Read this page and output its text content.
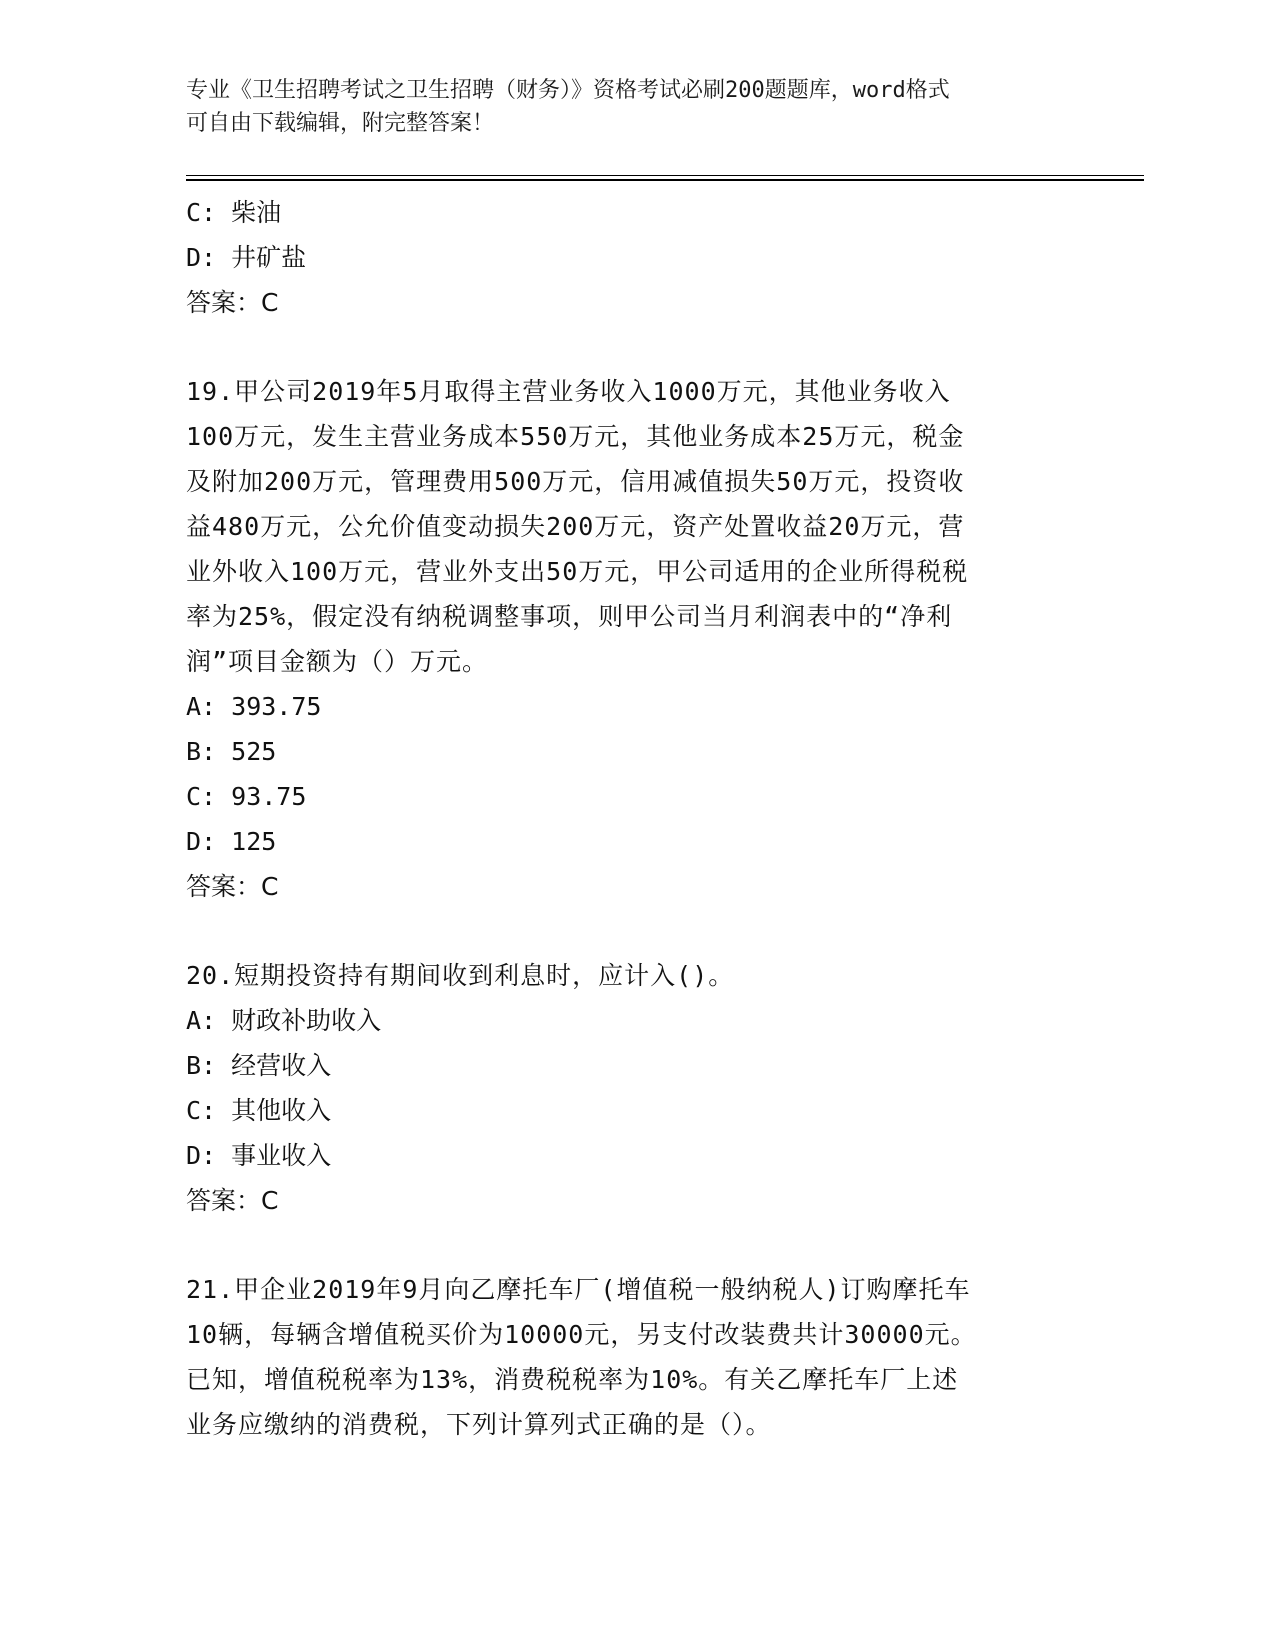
专业《卫生招聘考试之卫生招聘（财务）》资格考试必刷200题题库，word格式
可自由下载编辑，附完整答案！
C: 柴油
D: 井矿盐
答案：C
19.甲公司2019年5月取得主营业务收入1000万元，其他业务收入
100万元，发生主营业务成本550万元，其他业务成本25万元，税金
及附加200万元，管理费用500万元，信用减值损失50万元，投资收
益480万元，公允价值变动损失200万元，资产处置收益20万元，营
业外收入100万元，营业外支出50万元，甲公司适用的企业所得税税
率为25%，假定没有纳税调整事项，则甲公司当月利润表中的“净利
润”项目金额为（）万元。
A: 393.75
B: 525
C: 93.75
D: 125
答案：C
20.短期投资持有期间收到利息时，应计入()。
A: 财政补助收入
B: 经营收入
C: 其他收入
D: 事业收入
答案：C
21.甲企业2019年9月向乙摩托车厂(增值税一般纳税人)订购摩托车
10辆，每辆含增值税买价为10000元，另支付改装费共计30000元。
已知，增值税税率为13%，消费税税率为10%。有关乙摩托车厂上述
业务应缴纳的消费税，下列计算列式正确的是（）。
